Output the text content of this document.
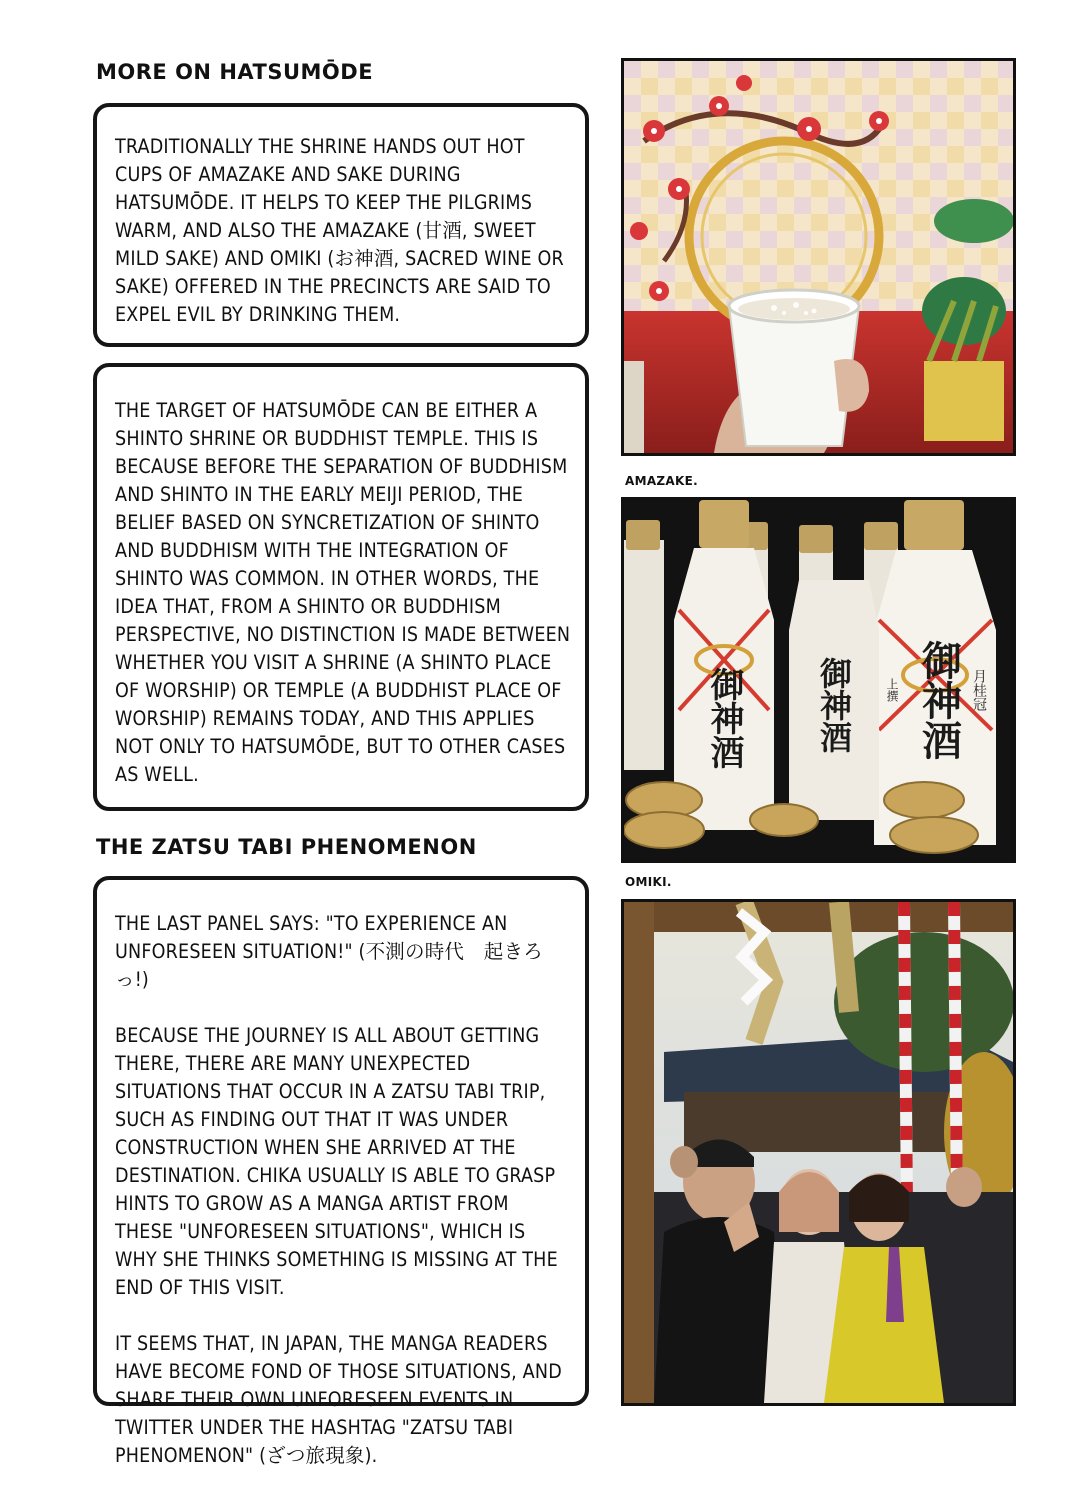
MORE ON HATSUMŌDE

TRADITIONALLY THE SHRINE HANDS OUT HOT CUPS OF AMAZAKE AND SAKE DURING HATSUMŌDE. IT HELPS TO KEEP THE PILGRIMS WARM, AND ALSO THE AMAZAKE (甘酒, SWEET MILD SAKE) AND OMIKI (お神酒, SACRED WINE OR SAKE) OFFERED IN THE PRECINCTS ARE SAID TO EXPEL EVIL BY DRINKING THEM.

THE TARGET OF HATSUMŌDE CAN BE EITHER A SHINTO SHRINE OR BUDDHIST TEMPLE. THIS IS BECAUSE BEFORE THE SEPARATION OF BUDDHISM AND SHINTO IN THE EARLY MEIJI PERIOD, THE BELIEF BASED ON SYNCRETIZATION OF SHINTO AND BUDDHISM WITH THE INTEGRATION OF SHINTO WAS COMMON. IN OTHER WORDS, THE IDEA THAT, FROM A SHINTO OR BUDDHISM PERSPECTIVE, NO DISTINCTION IS MADE BETWEEN WHETHER YOU VISIT A SHRINE (A SHINTO PLACE OF WORSHIP) OR TEMPLE (A BUDDHIST PLACE OF WORSHIP) REMAINS TODAY, AND THIS APPLIES NOT ONLY TO HATSUMŌDE, BUT TO OTHER CASES AS WELL.

THE ZATSU TABI PHENOMENON

THE LAST PANEL SAYS: "TO EXPERIENCE AN UNFORESEEN SITUATION!" (不測の時代　起きろっ!)

BECAUSE THE JOURNEY IS ALL ABOUT GETTING THERE, THERE ARE MANY UNEXPECTED SITUATIONS THAT OCCUR IN A ZATSU TABI TRIP, SUCH AS FINDING OUT THAT IT WAS UNDER CONSTRUCTION WHEN SHE ARRIVED AT THE DESTINATION. CHIKA USUALLY IS ABLE TO GRASP HINTS TO GROW AS A MANGA ARTIST FROM THESE "UNFORESEEN SITUATIONS", WHICH IS WHY SHE THINKS SOMETHING IS MISSING AT THE END OF THIS VISIT.

IT SEEMS THAT, IN JAPAN, THE MANGA READERS HAVE BECOME FOND OF THOSE SITUATIONS, AND SHARE THEIR OWN UNFORESEEN EVENTS IN TWITTER UNDER THE HASHTAG "ZATSU TABI PHENOMENON" (ざつ旅現象).

AMAZAKE.
御神酒	御神酒 月桂冠
上撰
御神酒
OMIKI.
